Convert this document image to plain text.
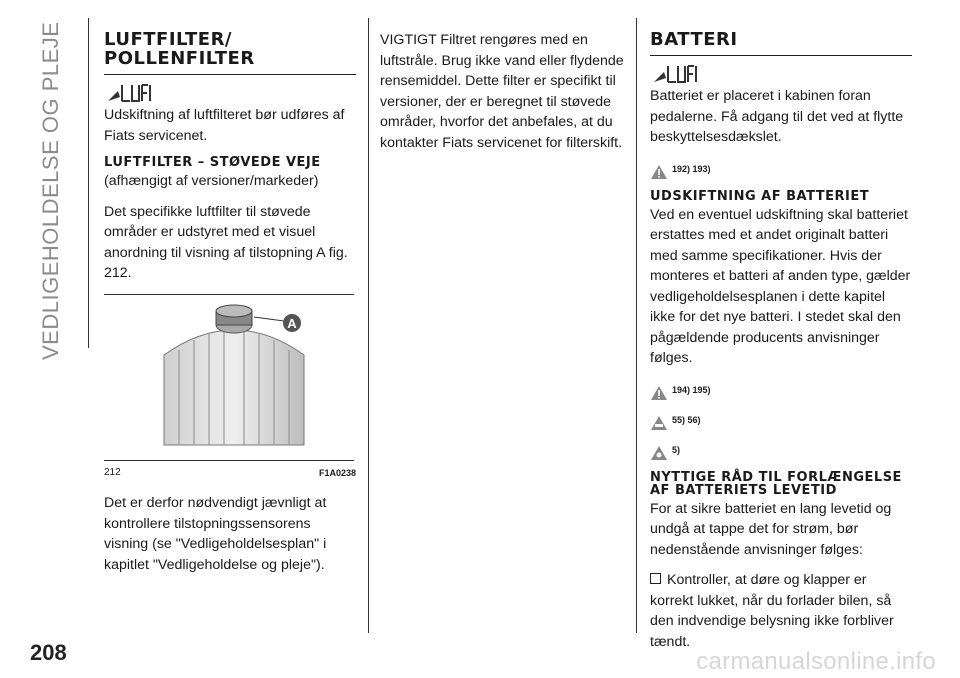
VEDLIGEHOLDELSE OG PLEJE
208	carmanualsonline.info
LUFTFILTER/ POLLENFILTER

Udskiftning af luftfilteret bør udføres af Fiats servicenet.

LUFTFILTER – STØVEDE VEJE

(afhængigt af versioner/markeder)

Det specifikke luftfilter til støvede områder er udstyret med et visuel anordning til visning af tilstopning A fig. 212.

A
212	F1A0238

Det er derfor nødvendigt jævnligt at kontrollere tilstopningssensorens visning (se "Vedligeholdelsesplan" i kapitlet "Vedligeholdelse og pleje").

VIGTIGT Filtret rengøres med en luftstråle. Brug ikke vand eller flydende rensemiddel. Dette filter er specifikt til versioner, der er beregnet til støvede områder, hvorfor det anbefales, at du kontakter Fiats servicenet for filterskift.

BATTERI

Batteriet er placeret i kabinen foran pedalerne. Få adgang til det ved at flytte beskyttelsesdækslet.

192) 193)
UDSKIFTNING AF BATTERIET

Ved en eventuel udskiftning skal batteriet erstattes med et andet originalt batteri med samme specifikationer. Hvis der monteres et batteri af anden type, gælder vedligeholdelsesplanen i dette kapitel ikke for det nye batteri. I stedet skal den pågældende producents anvisninger følges.

194) 195)
55) 56)
5)
NYTTIGE RÅD TIL FORLÆNGELSE AF BATTERIETS LEVETID

For at sikre batteriet en lang levetid og undgå at tappe det for strøm, bør nedenstående anvisninger følges:

Kontroller, at døre og klapper er korrekt lukket, når du forlader bilen, så den indvendige belysning ikke forbliver tændt.
